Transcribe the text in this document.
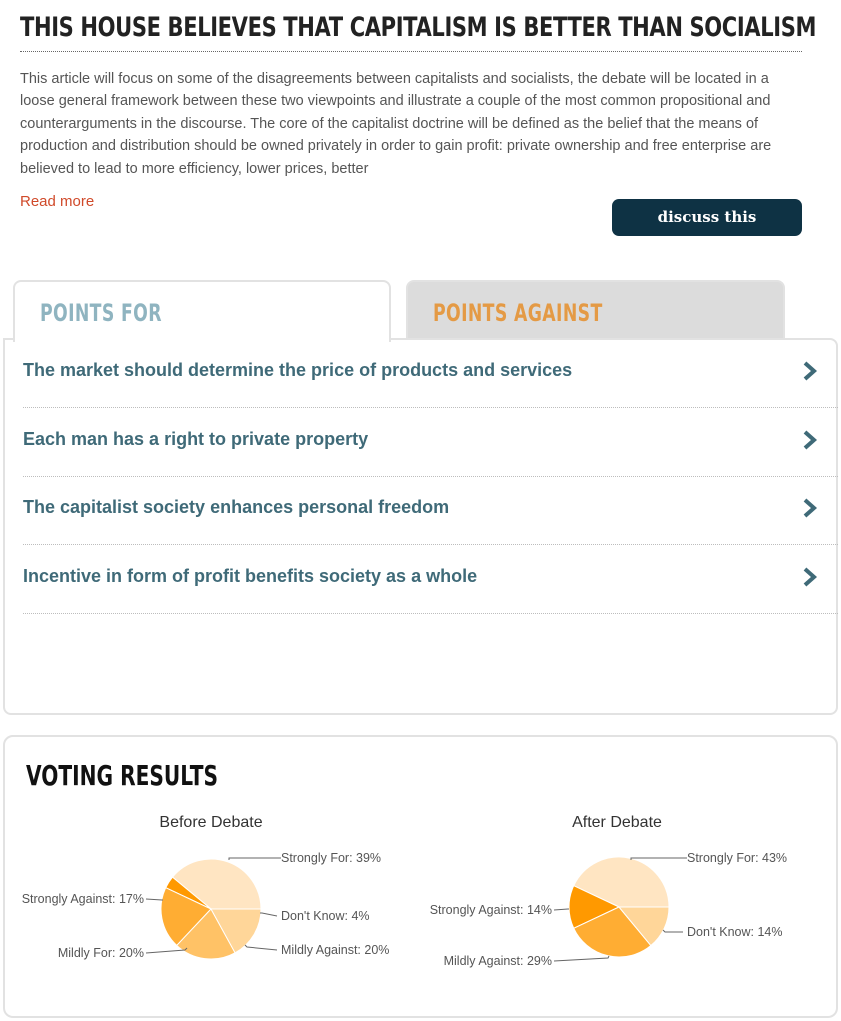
THIS HOUSE BELIEVES THAT CAPITALISM IS BETTER THAN SOCIALISM

This article will focus on some of the disagreements between capitalists and socialists, the debate will be located in a loose general framework between these two viewpoints and illustrate a couple of the most common propositional and counterarguments in the discourse. The core of the capitalist doctrine will be defined as the belief that the means of production and distribution should be owned privately in order to gain profit: private ownership and free enterprise are believed to lead to more efficiency, lower prices, better

Read more
discuss this
POINTS FOR	POINTS AGAINST
The market should determine the price of products and services
Each man has a right to private property
The capitalist society enhances personal freedom
Incentive in form of profit benefits society as a whole
VOTING RESULTS
Before Debate
Strongly For: 39%
Don't Know: 4%
Mildly Against: 20%
Mildly For: 20%
Strongly Against: 17%
After Debate
Strongly For: 43%
Don't Know: 14%
Mildly Against: 29%
Strongly Against: 14%
